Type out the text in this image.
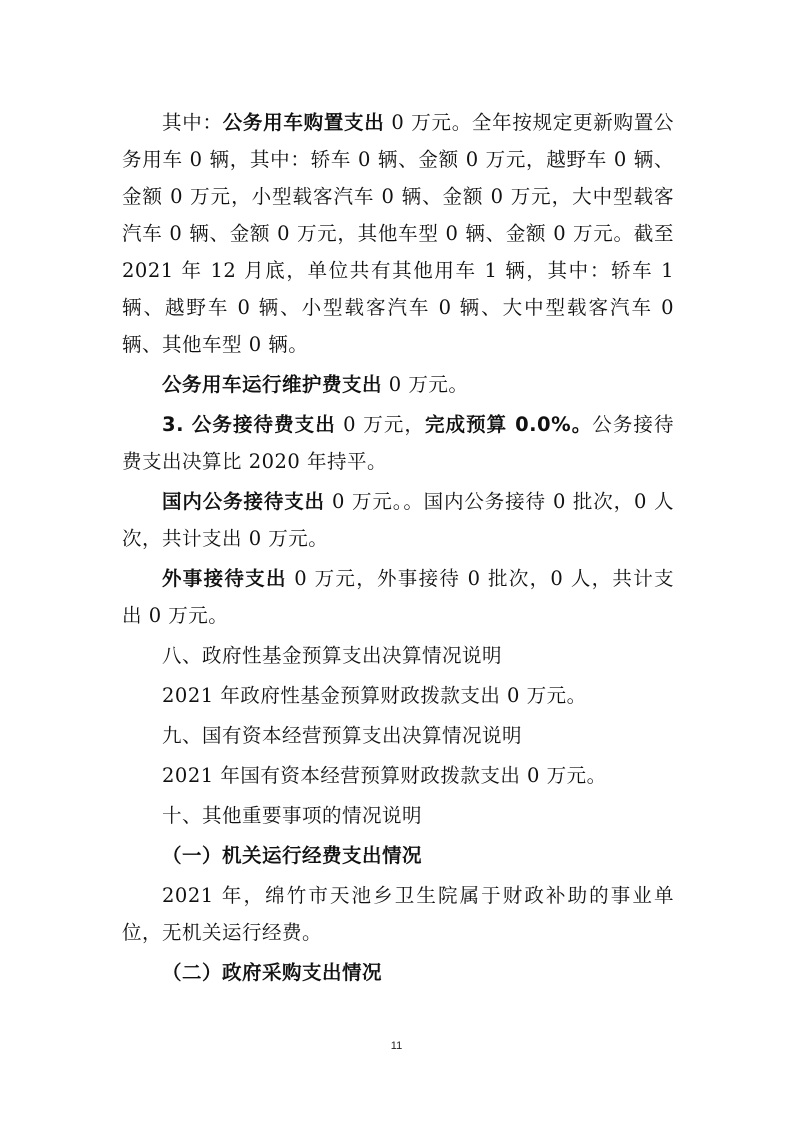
其中：公务用车购置支出 0 万元。全年按规定更新购置公务用车 0 辆，其中：轿车 0 辆、金额 0 万元，越野车 0 辆、金额 0 万元，小型载客汽车 0 辆、金额 0 万元，大中型载客汽车 0 辆、金额 0 万元，其他车型 0 辆、金额 0 万元。截至 2021 年 12 月底，单位共有其他用车 1 辆，其中：轿车 1 辆、越野车 0 辆、小型载客汽车 0 辆、大中型载客汽车 0 辆、其他车型 0 辆。

公务用车运行维护费支出 0 万元。

3. 公务接待费支出 0 万元，完成预算 0.0%。公务接待费支出决算比 2020 年持平。

国内公务接待支出 0 万元。。国内公务接待 0 批次，0 人次，共计支出 0 万元。

外事接待支出 0 万元，外事接待 0 批次，0 人，共计支出 0 万元。

八、政府性基金预算支出决算情况说明

2021 年政府性基金预算财政拨款支出 0 万元。

九、国有资本经营预算支出决算情况说明

2021 年国有资本经营预算财政拨款支出 0 万元。

十、其他重要事项的情况说明

（一）机关运行经费支出情况

2021 年，绵竹市天池乡卫生院属于财政补助的事业单位，无机关运行经费。

（二）政府采购支出情况

11
